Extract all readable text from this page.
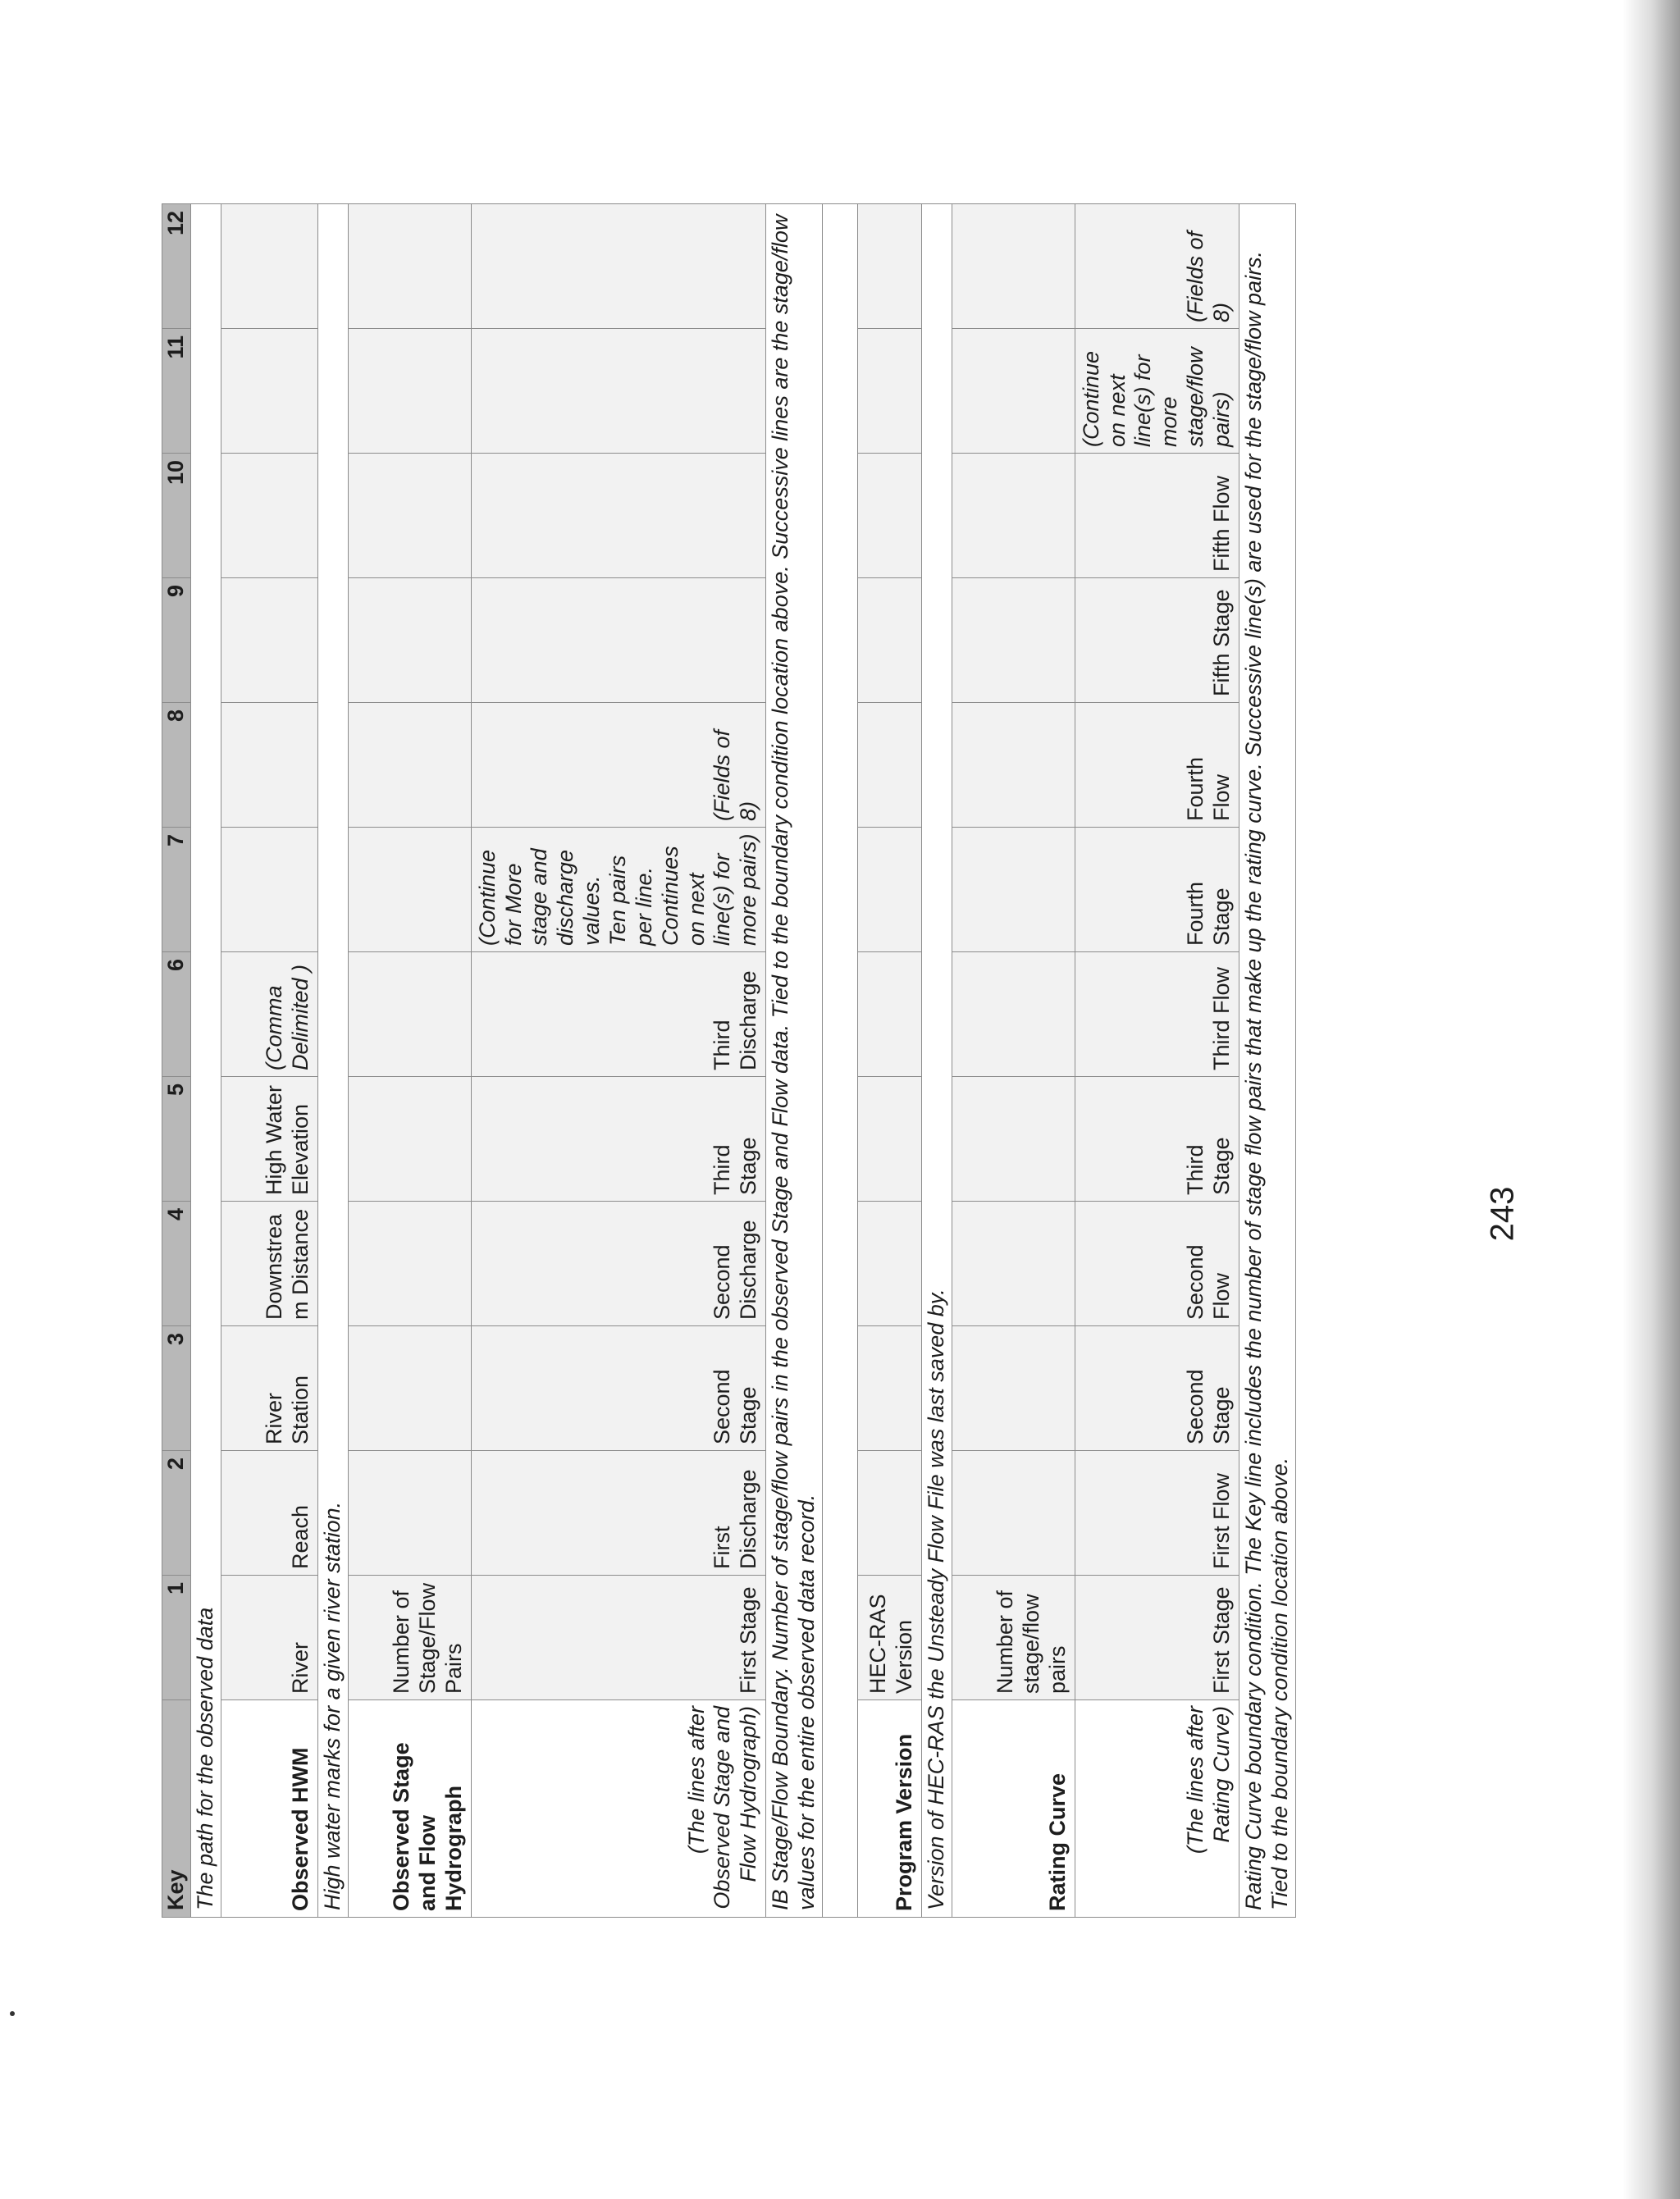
243
Key	1	2	3	4	5	6	7	8	9	10	11	12
The path for the observed data												
Observed HWM	River	Reach	River Station	Downstream Distance	High Water Elevation	(Comma Delimited )						
High water marks for a given river station.												
Observed Stage and Flow Hydrograph	Number of Stage/Flow Pairs											
(The lines after Observed Stage and Flow Hydrograph)	First Stage	First Discharge	Second Stage	Second Discharge	Third Stage	Third Discharge	(Continue for More stage and discharge values. Ten pairs per line. Continues on next line(s) for more pairs)	(Fields of 8)				
IB Stage/Flow Boundary. Number of stage/flow pairs in the observed Stage and Flow data. Tied to the boundary condition location above. Successive lines are the stage/flow values for the entire observed data record.												

Program Version	HEC-RAS Version											
Version of HEC-RAS the Unsteady Flow File was last saved by.												
Rating Curve	Number of stage/flow pairs											
(The lines after Rating Curve)	First Stage	First Flow	Second Stage	Second Flow	Third Stage	Third Flow	Fourth Stage	Fourth Flow	Fifth Stage	Fifth Flow	(Continue on next line(s) for more stage/flow pairs)	(Fields of 8)
Rating Curve boundary condition. The Key line includes the number of stage flow pairs that make up the rating curve. Successive line(s) are used for the stage/flow pairs. Tied to the boundary condition location above.												
